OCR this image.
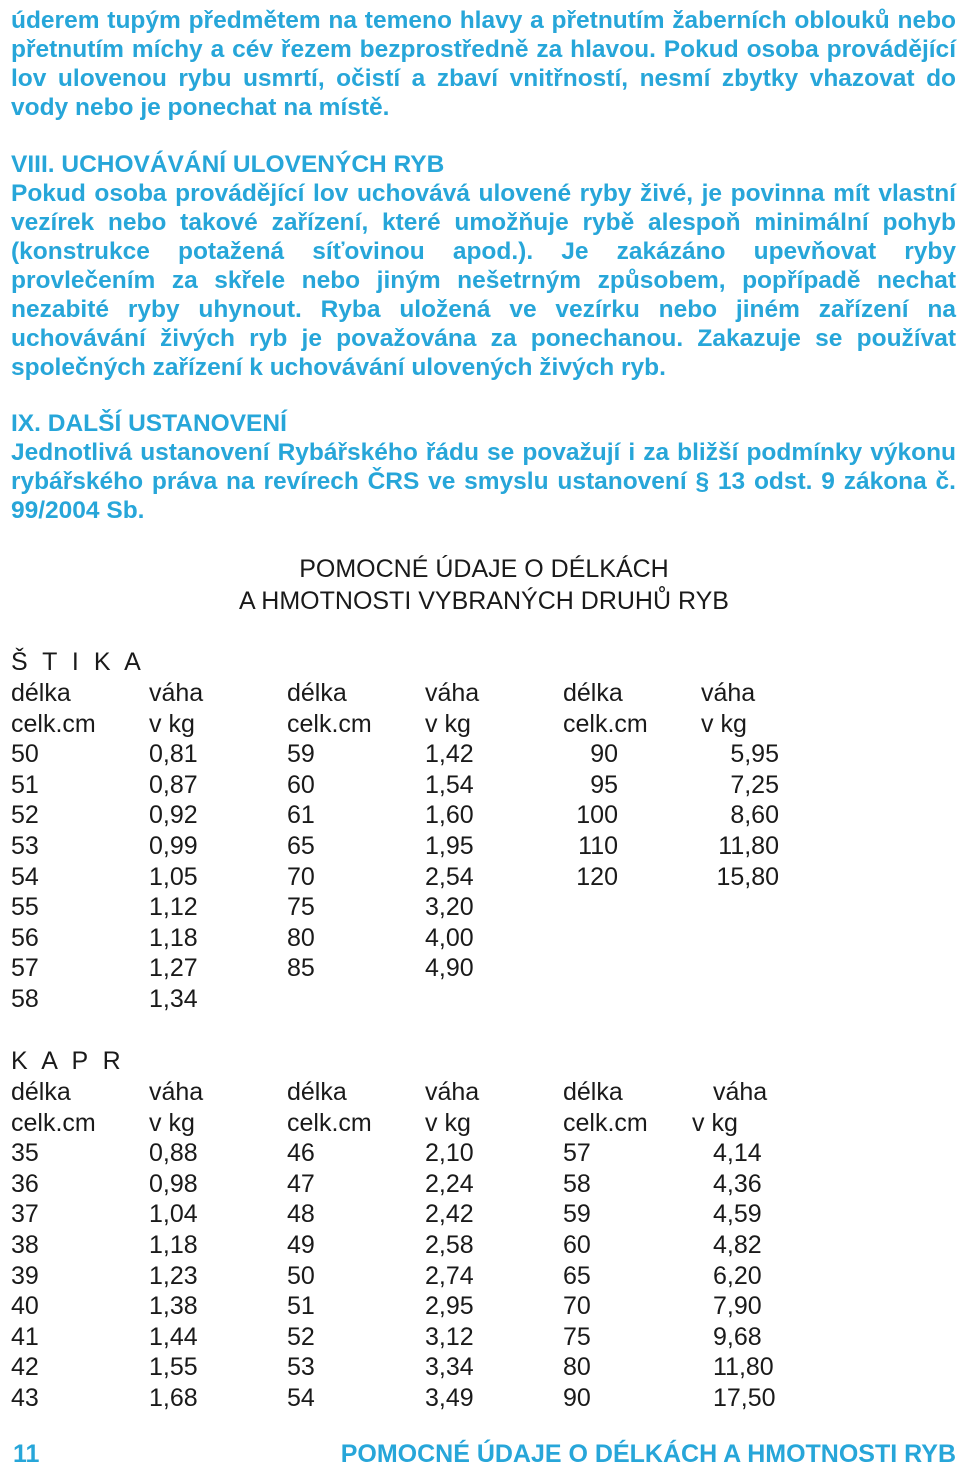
úderem tupým předmětem na temeno hlavy a přetnutím žaberních oblouků nebo přetnutím míchy a cév řezem bezprostředně za hlavou. Pokud osoba provádějící lov ulovenou rybu usmrtí, očistí a zbaví vnitřností, nesmí zbytky vhazovat do vody nebo je ponechat na místě.

VIII. UCHOVÁVÁNÍ ULOVENÝCH RYB
Pokud osoba provádějící lov uchovává ulovené ryby živé, je povinna mít vlastní vezírek nebo takové zařízení, které umožňuje rybě alespoň minimální pohyb (konstrukce potažená síťovinou apod.). Je zakázáno upevňovat ryby provlečením za skřele nebo jiným nešetrným způsobem, popřípadě nechat nezabité ryby uhynout. Ryba uložená ve vezírku nebo jiném zařízení na uchovávání živých ryb je považována za ponechanou. Zakazuje se používat společných zařízení k uchovávání ulovených živých ryb.
IX. DALŠÍ USTANOVENÍ
Jednotlivá ustanovení Rybářského řádu se považují i za bližší podmínky výkonu rybářského práva na revírech ČRS ve smyslu ustanovení § 13 odst. 9 zákona č. 99/2004 Sb.
POMOCNÉ ÚDAJE O DÉLKÁCH
A HMOTNOSTI VYBRANÝCH DRUHŮ RYB

Š T I K A

délka	váha	délka	váha	délka	váha
celk.cm v kg	celk.cm v kg	celk.cm v kg
50	0,81	59	1,42	90	5,95
51	0,87	60	1,54	95	7,25
52	0,92	61	1,60	100	8,60
53	0,99	65	1,95	110	11,80
54	1,05	70	2,54	120	15,80
55	1,12	75	3,20
56	1,18	80	4,00
57	1,27	85	4,90
58	1,34

K A P R

délka	váha	délka	váha	délka	váha
celk.cm v kg	celk.cm v kg	celk.cm v kg
35	0,88	46	2,10	57	4,14
36	0,98	47	2,24	58	4,36
37	1,04	48	2,42	59	4,59
38	1,18	49	2,58	60	4,82
39	1,23	50	2,74	65	6,20
40	1,38	51	2,95	70	7,90
41	1,44	52	3,12	75	9,68
42	1,55	53	3,34	80	11,80
43	1,68	54	3,49	90	17,50

11	POMOCNÉ ÚDAJE O DÉLKÁCH A HMOTNOSTI RYB
